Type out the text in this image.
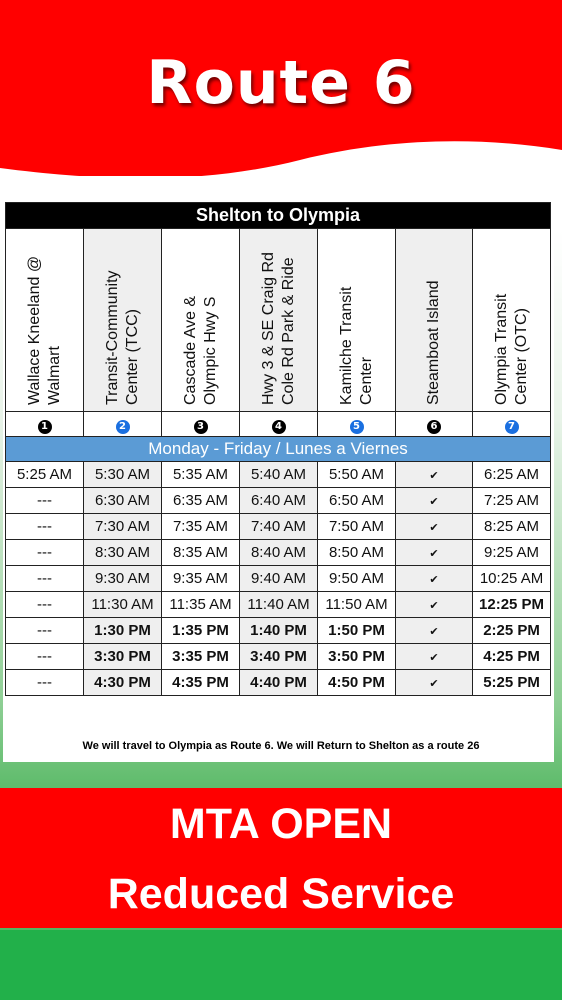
Route 6
Shelton to Olympia						

Wallace Kneeland @
Walmart	Transit-Community
Center (TCC)	Cascade Ave &
Olympic Hwy S	Hwy 3 & SE Craig Rd
Cole Rd Park & Ride	Kamilche Transit
Center	Steamboat Island	Olympia Transit
Center (OTC)

1	2	3	4	5	6	7
Monday - Friday / Lunes a Viernes						
5:25 AM	5:30 AM	5:35 AM	5:40 AM	5:50 AM	✔	6:25 AM
---	6:30 AM	6:35 AM	6:40 AM	6:50 AM	✔	7:25 AM
---	7:30 AM	7:35 AM	7:40 AM	7:50 AM	✔	8:25 AM
---	8:30 AM	8:35 AM	8:40 AM	8:50 AM	✔	9:25 AM
---	9:30 AM	9:35 AM	9:40 AM	9:50 AM	✔	10:25 AM
---	11:30 AM	11:35 AM	11:40 AM	11:50 AM	✔	12:25 PM
---	1:30 PM	1:35 PM	1:40 PM	1:50 PM	✔	2:25 PM
---	3:30 PM	3:35 PM	3:40 PM	3:50 PM	✔	4:25 PM
---	4:30 PM	4:35 PM	4:40 PM	4:50 PM	✔	5:25 PM
We will travel to Olympia as Route 6. We will Return to Shelton as a route 26
MTA OPEN
Reduced Service
